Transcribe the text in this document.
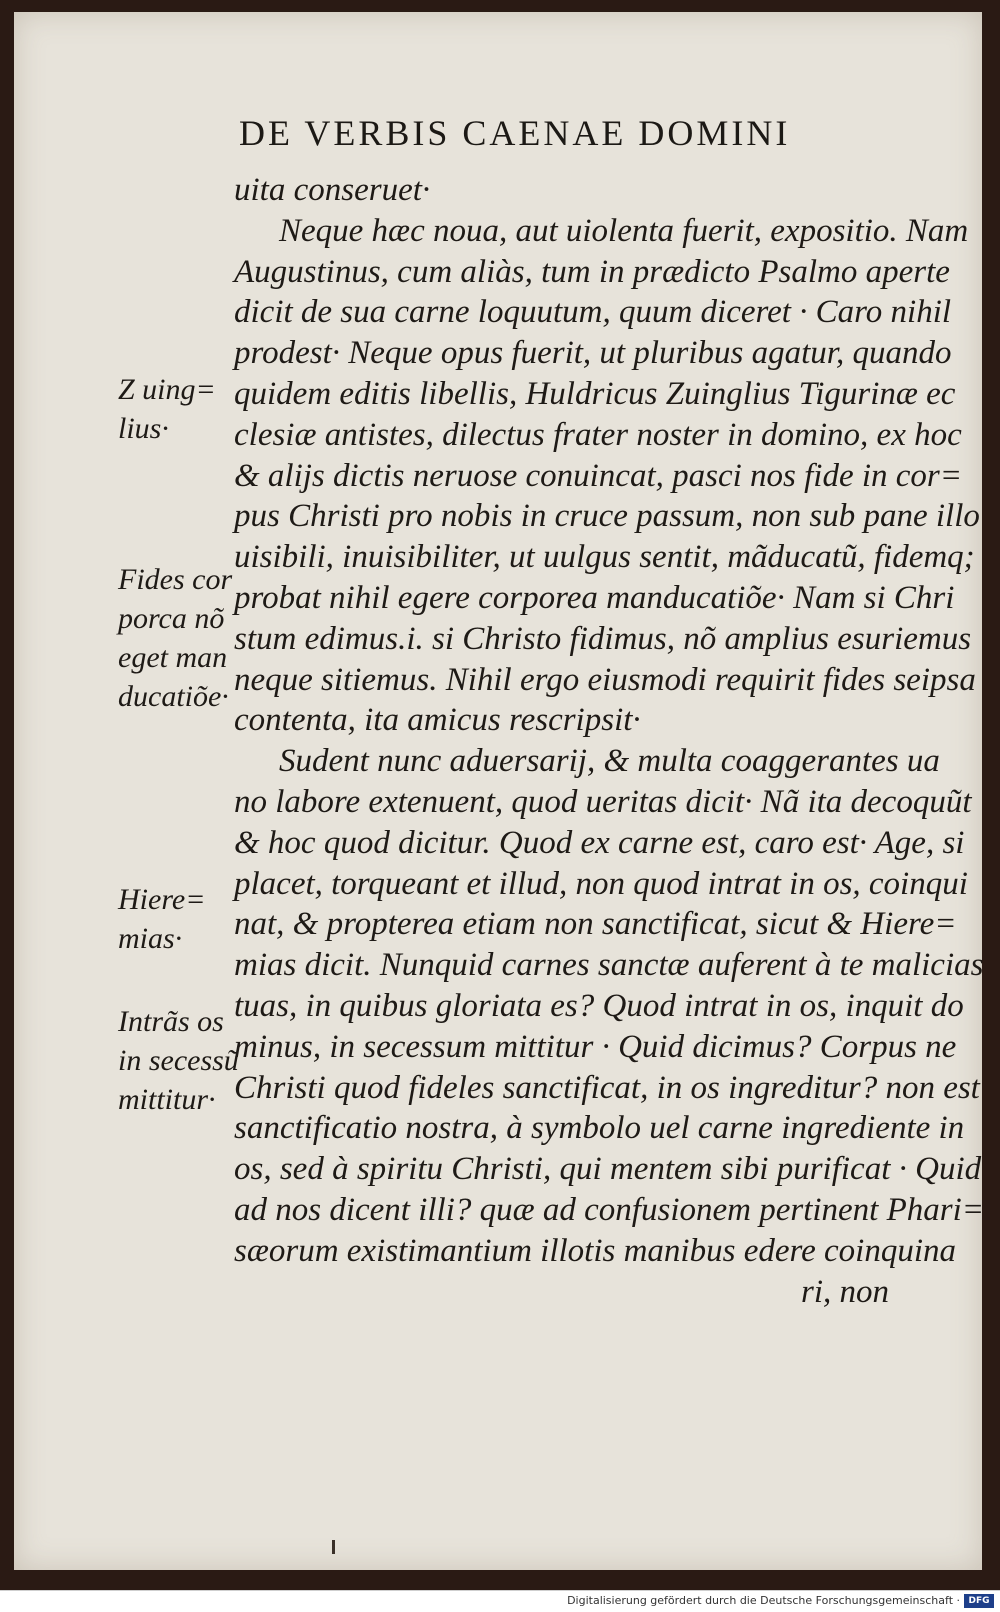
DE VERBIS CAENAE DOMINI
uita conseruet·
Neque hæc noua, aut uiolenta fuerit, expositio. Nam
Augustinus, cum aliàs, tum in prædicto Psalmo aperte
dicit de sua carne loquutum, quum diceret · Caro nihil
prodest· Neque opus fuerit, ut pluribus agatur, quando
quidem editis libellis, Huldricus Zuinglius Tigurinæ ec
clesiæ antistes, dilectus frater noster in domino, ex hoc
& alijs dictis neruose conuincat, pasci nos fide in cor=
pus Christi pro nobis in cruce passum, non sub pane illo
uisibili, inuisibiliter, ut uulgus sentit, mãducatũ, fidemq;
probat nihil egere corporea manducatiõe· Nam si Chri
stum edimus.i. si Christo fidimus, nõ amplius esuriemus
neque sitiemus. Nihil ergo eiusmodi requirit fides seipsa
contenta, ita amicus rescripsit·
Sudent nunc aduersarij, & multa coaggerantes ua
no labore extenuent, quod ueritas dicit· Nã ita decoquũt
& hoc quod dicitur. Quod ex carne est, caro est· Age, si
placet, torqueant et illud, non quod intrat in os, coinqui
nat, & propterea etiam non sanctificat, sicut & Hiere=
mias dicit. Nunquid carnes sanctæ auferent à te malicias
tuas, in quibus gloriata es? Quod intrat in os, inquit do
minus, in secessum mittitur · Quid dicimus? Corpus ne
Christi quod fideles sanctificat, in os ingreditur? non est
sanctificatio nostra, à symbolo uel carne ingrediente in
os, sed à spiritu Christi, qui mentem sibi purificat · Quid
ad nos dicent illi? quæ ad confusionem pertinent Phari=
sæorum existimantium illotis manibus edere coinquina
ri, non
Z uing=
lius·
Fides cor
porca nõ
eget man
ducatiõe·
Hiere=
mias·
Intrãs os
in secessũ
mittitur·
Digitalisierung gefördert durch die Deutsche Forschungsgemeinschaft · DFG
